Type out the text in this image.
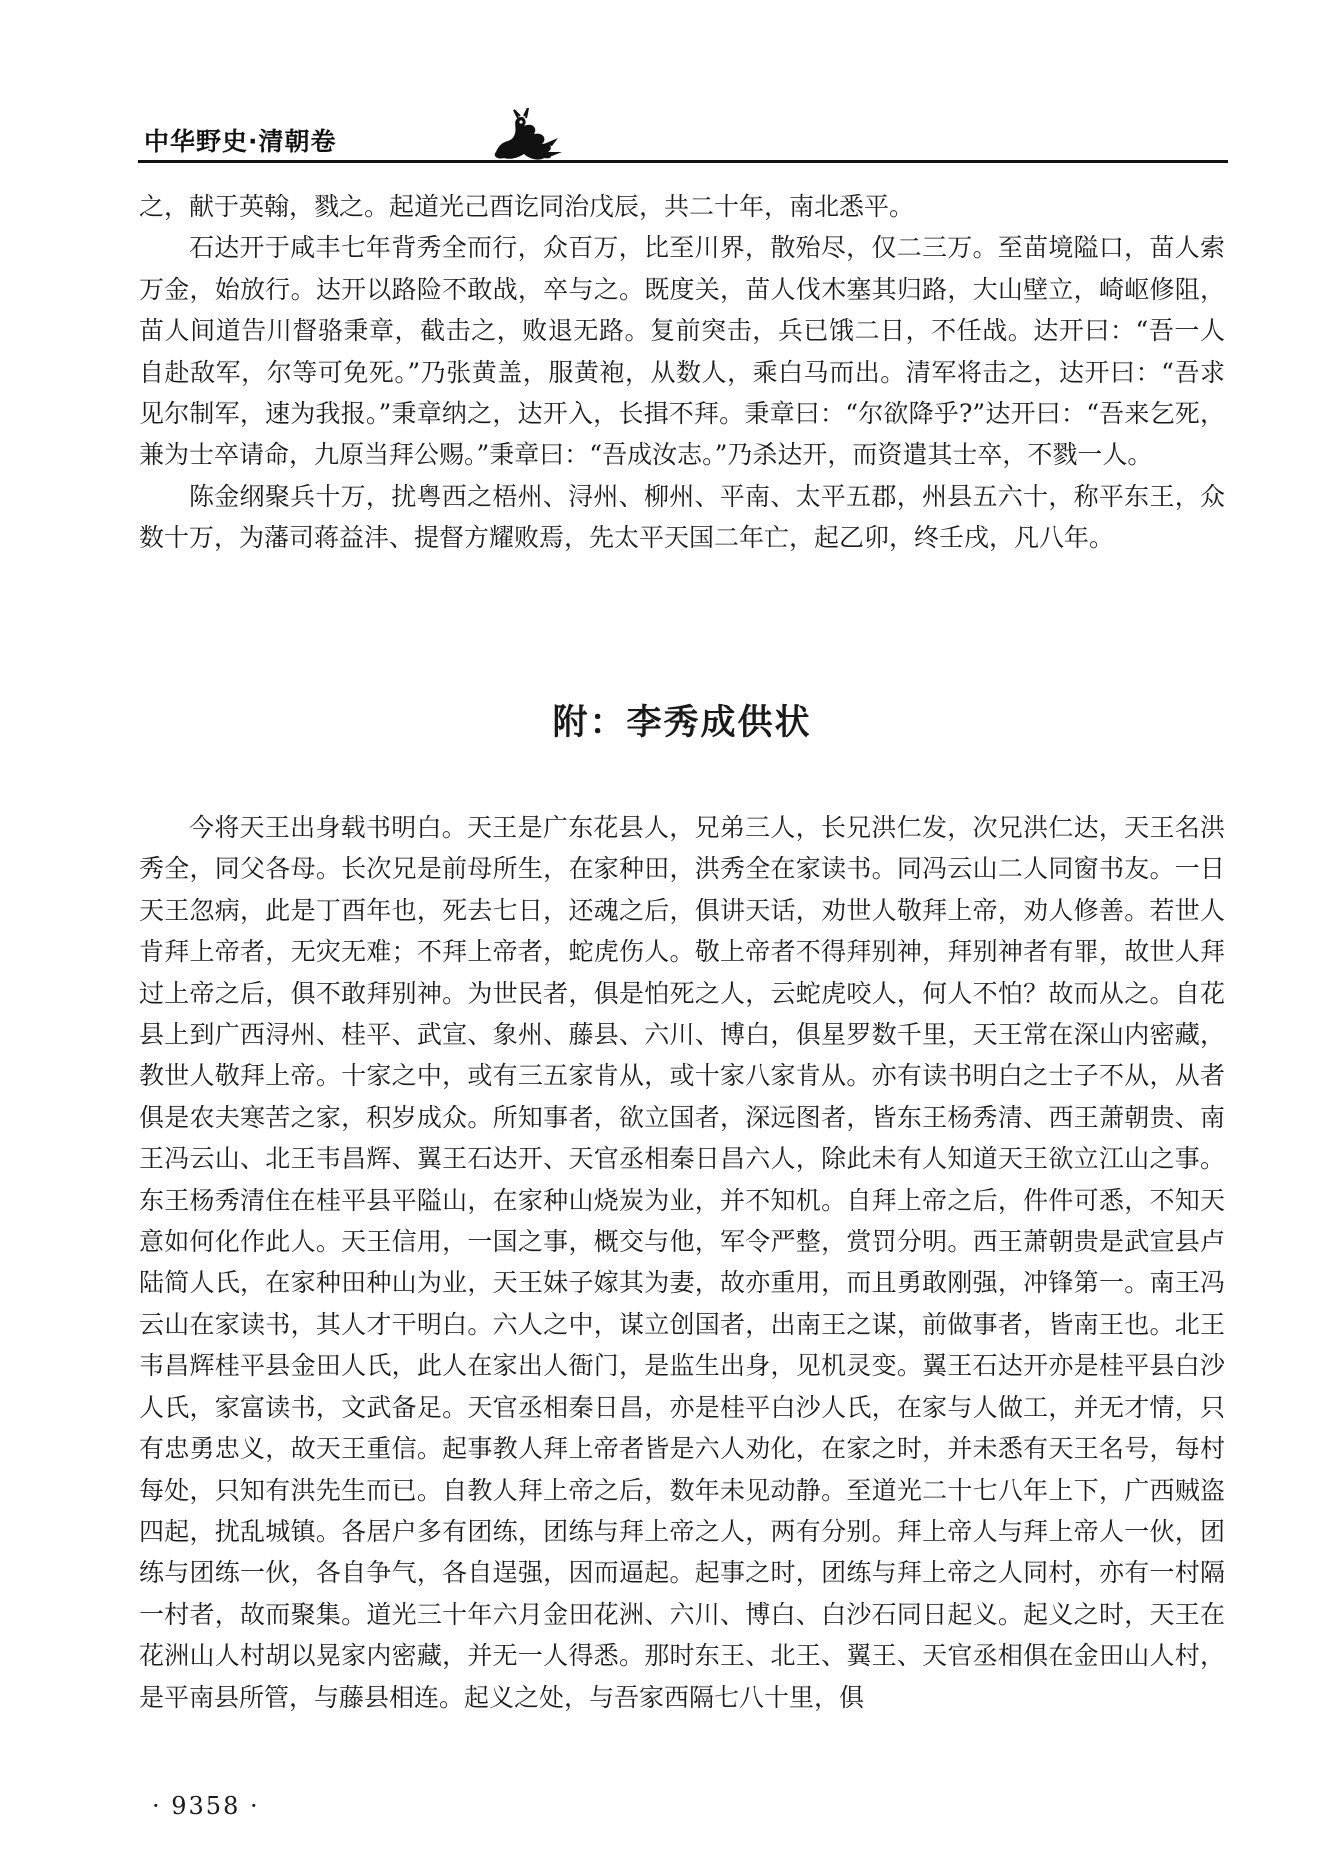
中华野史·清朝卷

之，献于英翰，戮之。起道光己酉讫同治戊辰，共二十年，南北悉平。

石达开于咸丰七年背秀全而行，众百万，比至川界，散殆尽，仅二三万。至苗境隘口，苗人索万金，始放行。达开以路险不敢战，卒与之。既度关，苗人伐木塞其归路，大山壁立，崎岖修阻，苗人间道告川督骆秉章，截击之，败退无路。复前突击，兵已饿二日，不任战。达开曰：“吾一人自赴敌军，尔等可免死。”乃张黄盖，服黄袍，从数人，乘白马而出。清军将击之，达开曰：“吾求见尔制军，速为我报。”秉章纳之，达开入，长揖不拜。秉章曰：“尔欲降乎?”达开曰：“吾来乞死，兼为士卒请命，九原当拜公赐。”秉章曰：“吾成汝志。”乃杀达开，而资遣其士卒，不戮一人。

陈金纲聚兵十万，扰粤西之梧州、浔州、柳州、平南、太平五郡，州县五六十，称平东王，众数十万，为藩司蒋益沣、提督方耀败焉，先太平天国二年亡，起乙卯，终壬戌，凡八年。

附：李秀成供状

今将天王出身载书明白。天王是广东花县人，兄弟三人，长兄洪仁发，次兄洪仁达，天王名洪秀全，同父各母。长次兄是前母所生，在家种田，洪秀全在家读书。同冯云山二人同窗书友。一日天王忽病，此是丁酉年也，死去七日，还魂之后，俱讲天话，劝世人敬拜上帝，劝人修善。若世人肯拜上帝者，无灾无难；不拜上帝者，蛇虎伤人。敬上帝者不得拜别神，拜别神者有罪，故世人拜过上帝之后，俱不敢拜别神。为世民者，俱是怕死之人，云蛇虎咬人，何人不怕？故而从之。自花县上到广西浔州、桂平、武宣、象州、藤县、六川、博白，俱星罗数千里，天王常在深山内密藏，教世人敬拜上帝。十家之中，或有三五家肯从，或十家八家肯从。亦有读书明白之士子不从，从者俱是农夫寒苦之家，积岁成众。所知事者，欲立国者，深远图者，皆东王杨秀清、西王萧朝贵、南王冯云山、北王韦昌辉、翼王石达开、天官丞相秦日昌六人，除此未有人知道天王欲立江山之事。东王杨秀清住在桂平县平隘山，在家种山烧炭为业，并不知机。自拜上帝之后，件件可悉，不知天意如何化作此人。天王信用，一国之事，概交与他，军令严整，赏罚分明。西王萧朝贵是武宣县卢陆简人氏，在家种田种山为业，天王妹子嫁其为妻，故亦重用，而且勇敢刚强，冲锋第一。南王冯云山在家读书，其人才干明白。六人之中，谋立创国者，出南王之谋，前做事者，皆南王也。北王韦昌辉桂平县金田人氏，此人在家出人衙门，是监生出身，见机灵变。翼王石达开亦是桂平县白沙人氏，家富读书，文武备足。天官丞相秦日昌，亦是桂平白沙人氏，在家与人做工，并无才情，只有忠勇忠义，故天王重信。起事教人拜上帝者皆是六人劝化，在家之时，并未悉有天王名号，每村每处，只知有洪先生而已。自教人拜上帝之后，数年未见动静。至道光二十七八年上下，广西贼盗四起，扰乱城镇。各居户多有团练，团练与拜上帝之人，两有分别。拜上帝人与拜上帝人一伙，团练与团练一伙，各自争气，各自逞强，因而逼起。起事之时，团练与拜上帝之人同村，亦有一村隔一村者，故而聚集。道光三十年六月金田花洲、六川、博白、白沙石同日起义。起义之时，天王在花洲山人村胡以晃家内密藏，并无一人得悉。那时东王、北王、翼王、天官丞相俱在金田山人村，是平南县所管，与藤县相连。起义之处，与吾家西隔七八十里，俱

· 9358 ·
